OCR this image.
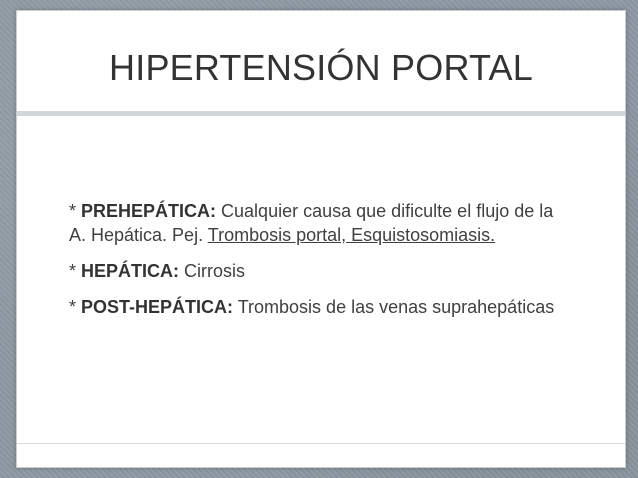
HIPERTENSIÓN PORTAL

* PREHEPÁTICA: Cualquier causa que dificulte el flujo de la A. Hepática. Pej. Trombosis portal, Esquistosomiasis.

* HEPÁTICA: Cirrosis

* POST-HEPÁTICA: Trombosis de las venas suprahepáticas
